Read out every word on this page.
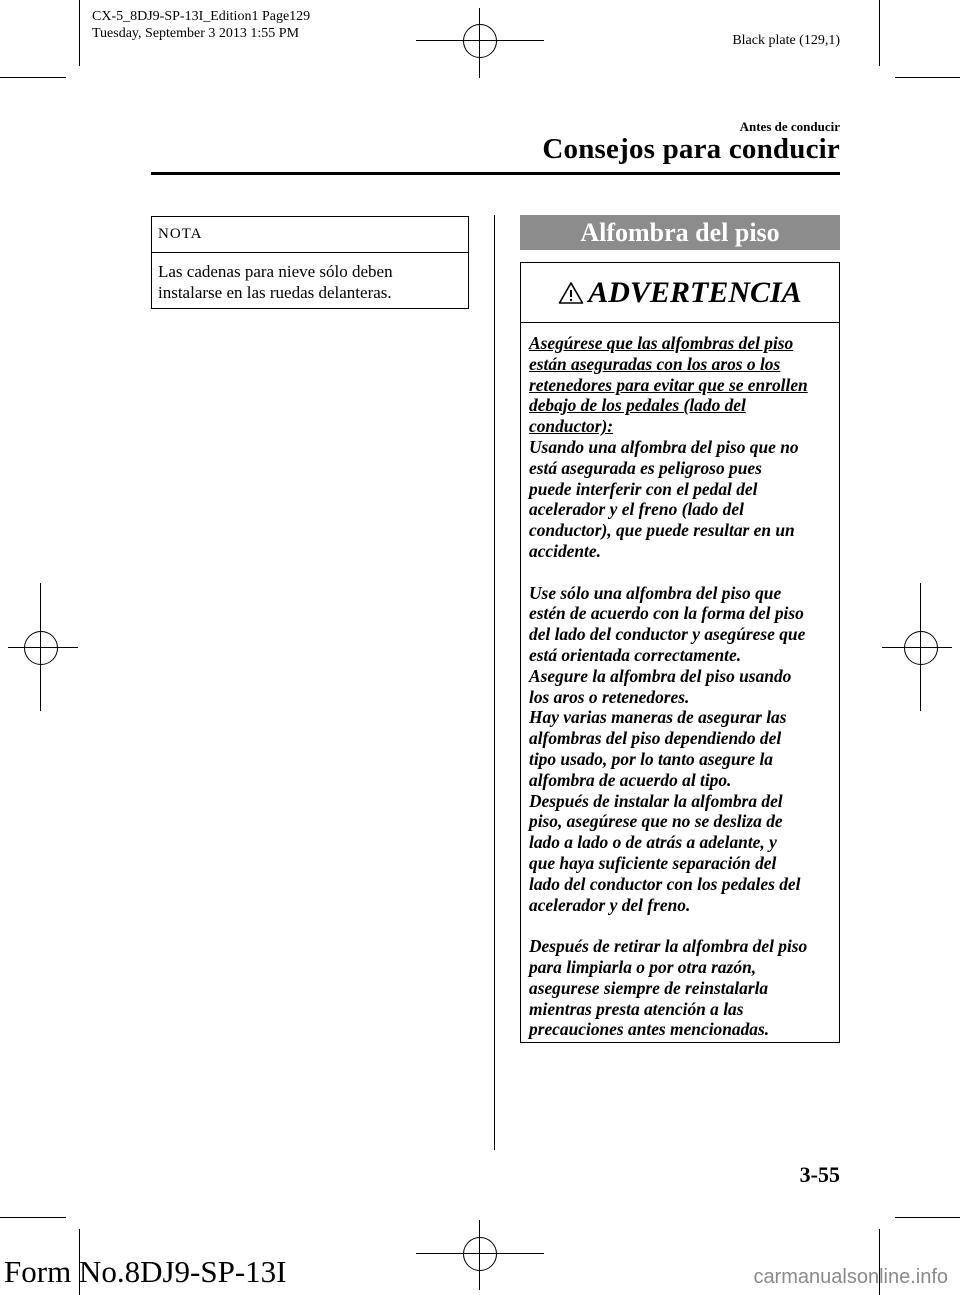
CX-5_8DJ9-SP-13I_Edition1 Page129
Tuesday, September 3 2013 1:55 PM	Black plate (129,1)
Antes de conducir
Consejos para conducir
NOTA
Las cadenas para nieve sólo deben
instalarse en las ruedas delanteras.
Alfombra del piso
ADVERTENCIA

Asegúrese que las alfombras del piso

están aseguradas con los aros o los

retenedores para evitar que se enrollen

debajo de los pedales (lado del

conductor):

Usando una alfombra del piso que no

está asegurada es peligroso pues

puede interferir con el pedal del

acelerador y el freno (lado del

conductor), que puede resultar en un

accidente.

Use sólo una alfombra del piso que

estén de acuerdo con la forma del piso

del lado del conductor y asegúrese que

está orientada correctamente.

Asegure la alfombra del piso usando

los aros o retenedores.

Hay varias maneras de asegurar las

alfombras del piso dependiendo del

tipo usado, por lo tanto asegure la

alfombra de acuerdo al tipo.

Después de instalar la alfombra del

piso, asegúrese que no se desliza de

lado a lado o de atrás a adelante, y

que haya suficiente separación del

lado del conductor con los pedales del

acelerador y del freno.

Después de retirar la alfombra del piso

para limpiarla o por otra razón,

asegurese siempre de reinstalarla

mientras presta atención a las

precauciones antes mencionadas.

3-55
Form No.8DJ9-SP-13I	carmanualsonline.info
